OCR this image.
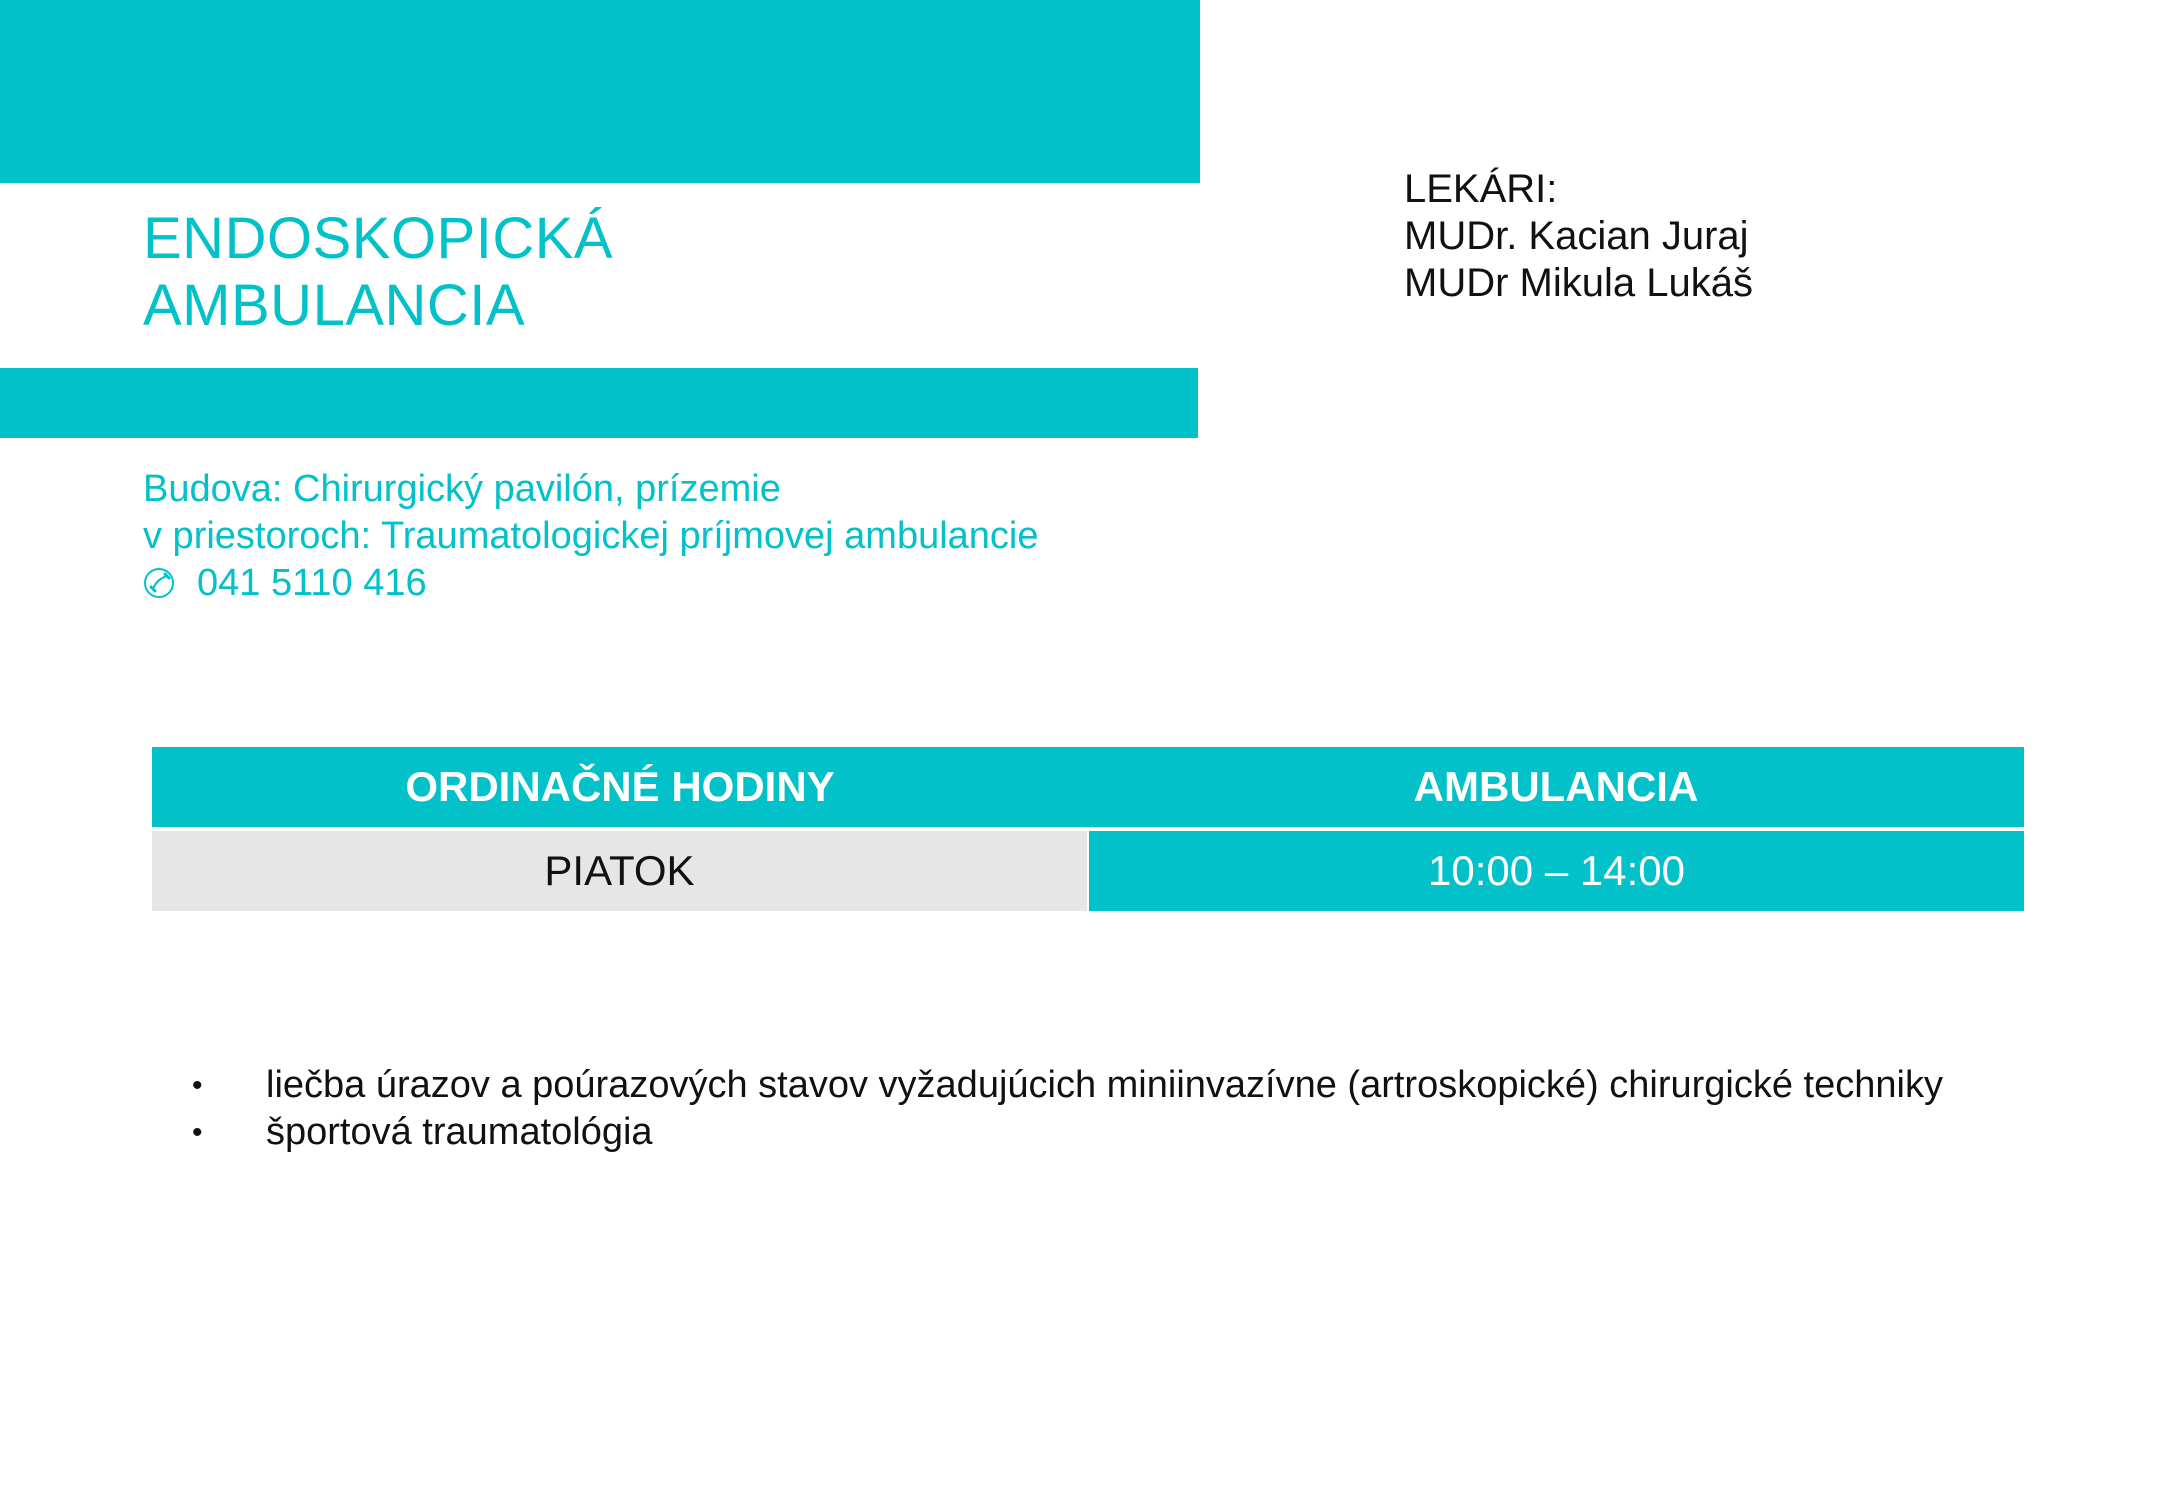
ENDOSKOPICKÁ
AMBULANCIA
LEKÁRI:
MUDr. Kacian Juraj
MUDr Mikula Lukáš
Budova: Chirurgický pavilón, prízemie
v priestoroch: Traumatologickej príjmovej ambulancie
041 5110 416
ORDINAČNÉ HODINY	AMBULANCIA
PIATOK	10:00 – 14:00
• liečba úrazov a poúrazových stavov vyžadujúcich miniinvazívne (artroskopické) chirurgické techniky
• športová traumatológia
